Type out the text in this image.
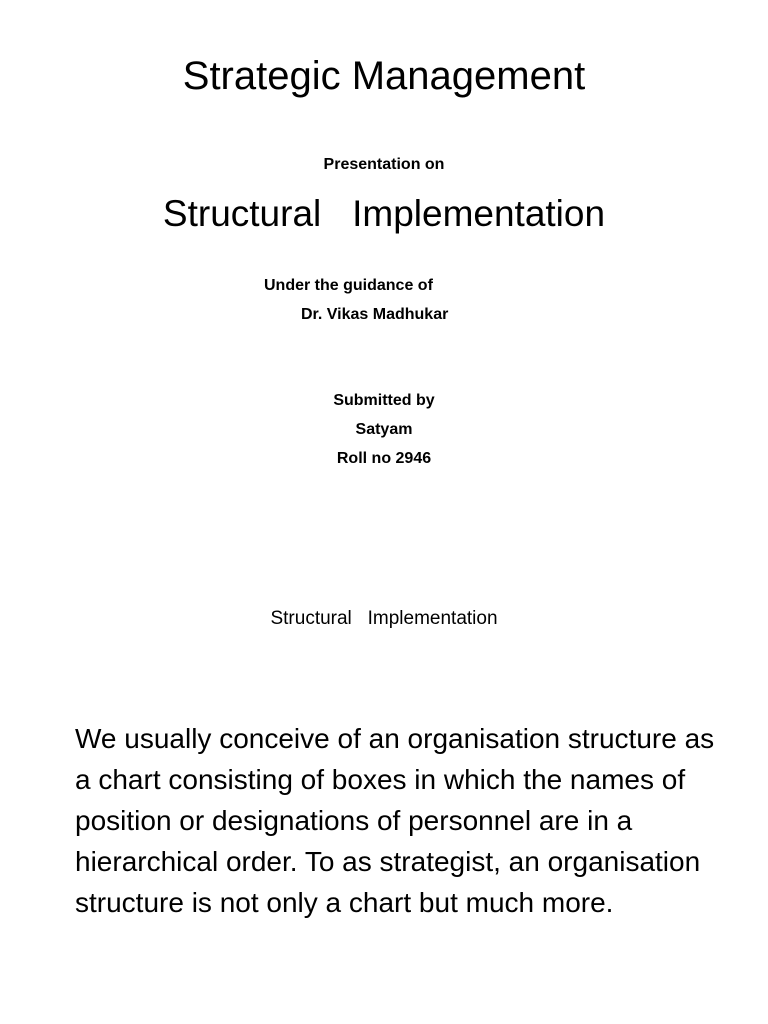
Strategic Management
Presentation on
Structural   Implementation
Under the guidance of
Dr. Vikas Madhukar
Submitted by
Satyam
Roll no 2946
Structural   Implementation
We usually conceive of an organisation structure as a chart consisting of boxes in which the names of position or designations of personnel are in a hierarchical order. To as strategist, an organisation structure is not only a chart but much more.
